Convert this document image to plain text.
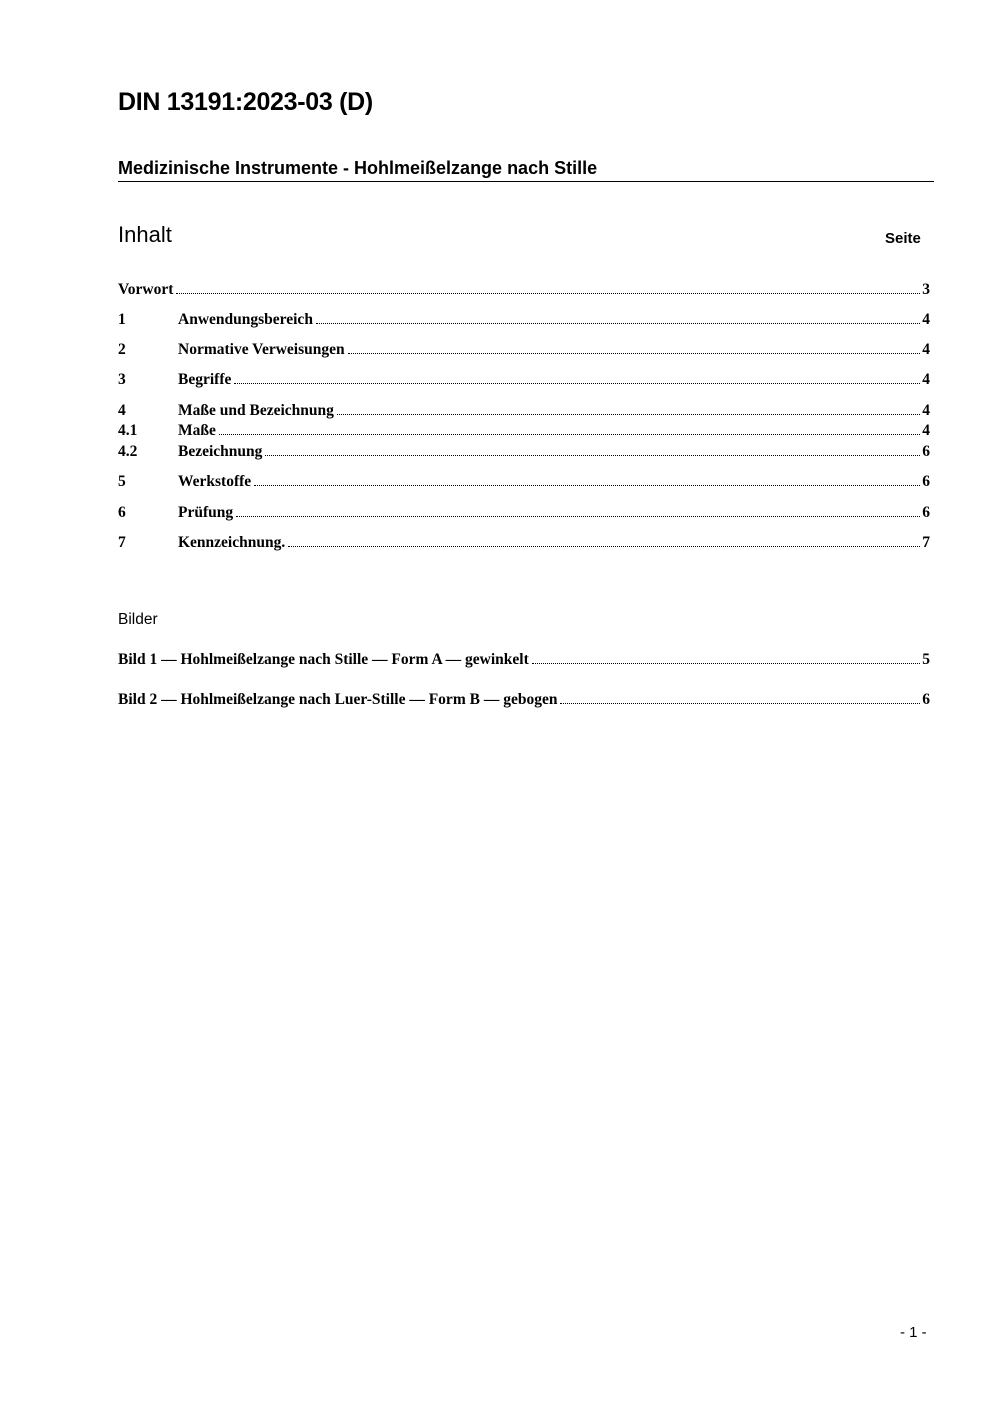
DIN 13191:2023-03 (D)
Medizinische Instrumente - Hohlmeißelzange nach Stille
Inhalt	Seite
Vorwort	3
1	Anwendungsbereich	4
2	Normative Verweisungen	4
3	Begriffe	4
4	Maße und Bezeichnung	4
4.1	Maße	4
4.2	Bezeichnung	6
5	Werkstoffe	6
6	Prüfung	6
7	Kennzeichnung.	7
Bilder
Bild 1 — Hohlmeißelzange nach Stille — Form A — gewinkelt	5
Bild 2 — Hohlmeißelzange nach Luer-Stille — Form B — gebogen	6
- 1 -
